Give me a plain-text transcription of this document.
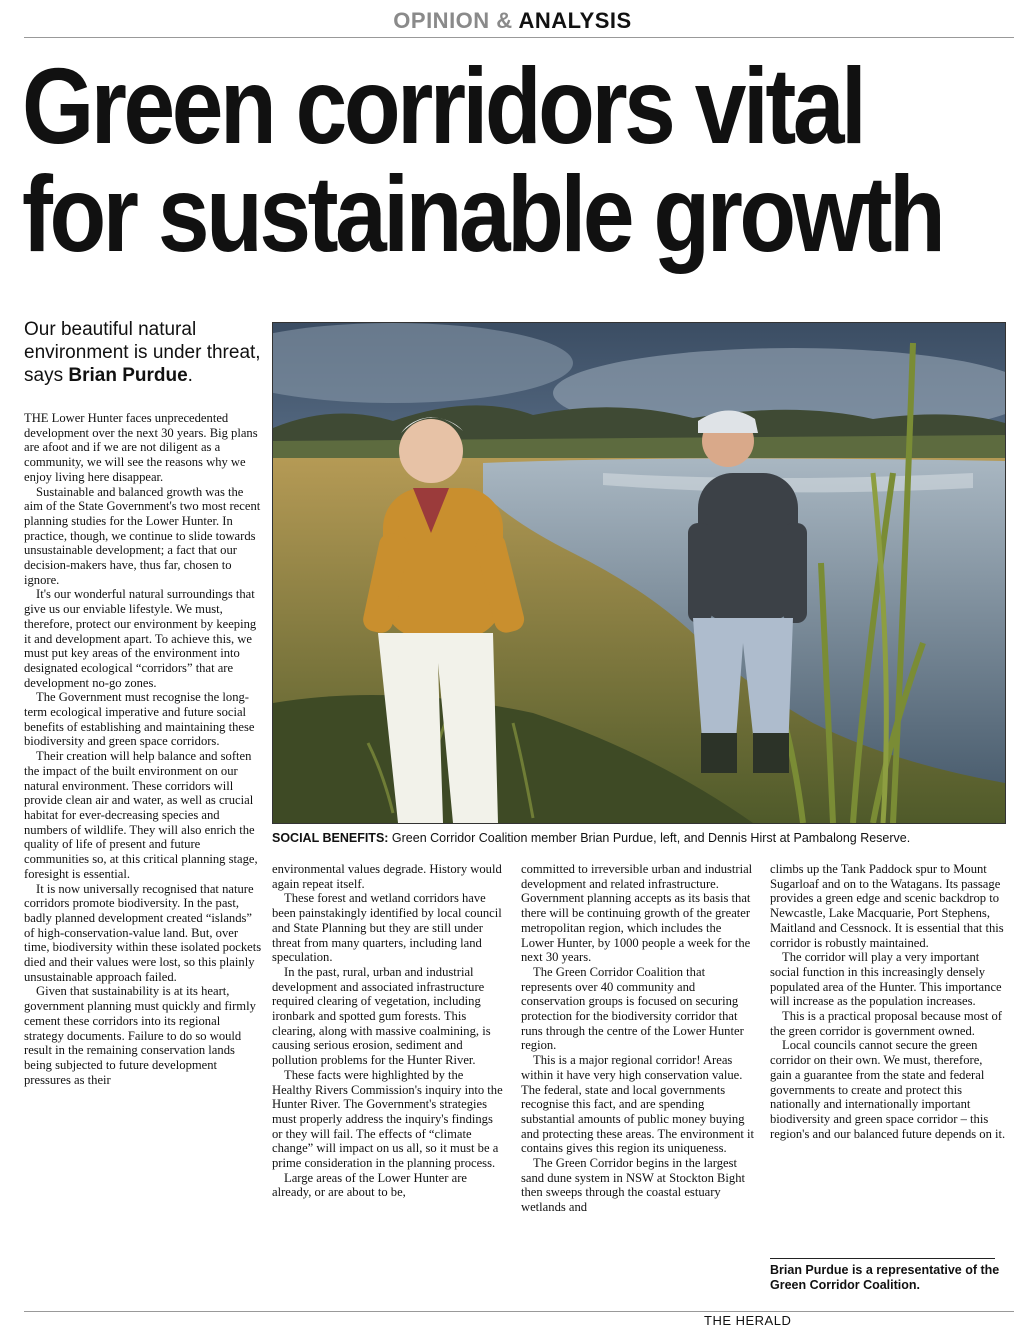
OPINION & ANALYSIS
Green corridors vital
for sustainable growth
Our beautiful natural environment is under threat, says Brian Purdue.
SOCIAL BENEFITS: Green Corridor Coalition member Brian Purdue, left, and Dennis Hirst at Pambalong Reserve.

THE Lower Hunter faces unprecedented development over the next 30 years. Big plans are afoot and if we are not diligent as a community, we will see the reasons why we enjoy living here disappear.

Sustainable and balanced growth was the aim of the State Government's two most recent planning studies for the Lower Hunter. In practice, though, we continue to slide towards unsustainable development; a fact that our decision-makers have, thus far, chosen to ignore.

It's our wonderful natural surroundings that give us our enviable lifestyle. We must, therefore, protect our environment by keeping it and development apart. To achieve this, we must put key areas of the environment into designated ecological “corridors” that are development no-go zones.

The Government must recognise the long-term ecological imperative and future social benefits of establishing and maintaining these biodiversity and green space corridors.

Their creation will help balance and soften the impact of the built environment on our natural environment. These corridors will provide clean air and water, as well as crucial habitat for ever-decreasing species and numbers of wildlife. They will also enrich the quality of life of present and future communities so, at this critical planning stage, foresight is essential.

It is now universally recognised that nature corridors promote biodiversity. In the past, badly planned development created “islands” of high-conservation-value land. But, over time, biodiversity within these isolated pockets died and their values were lost, so this plainly unsustainable approach failed.

Given that sustainability is at its heart, government planning must quickly and firmly cement these corridors into its regional strategy documents. Failure to do so would result in the remaining conservation lands being subjected to future development pressures as their

environmental values degrade. History would again repeat itself.

These forest and wetland corridors have been painstakingly identified by local council and State Planning but they are still under threat from many quarters, including land speculation.

In the past, rural, urban and industrial development and associated infrastructure required clearing of vegetation, including ironbark and spotted gum forests. This clearing, along with massive coalmining, is causing serious erosion, sediment and pollution problems for the Hunter River.

These facts were highlighted by the Healthy Rivers Commission's inquiry into the Hunter River. The Government's strategies must properly address the inquiry's findings or they will fail. The effects of “climate change” will impact on us all, so it must be a prime consideration in the planning process.

Large areas of the Lower Hunter are already, or are about to be,

committed to irreversible urban and industrial development and related infrastructure. Government planning accepts as its basis that there will be continuing growth of the greater metropolitan region, which includes the Lower Hunter, by 1000 people a week for the next 30 years.

The Green Corridor Coalition that represents over 40 community and conservation groups is focused on securing protection for the biodiversity corridor that runs through the centre of the Lower Hunter region.

This is a major regional corridor! Areas within it have very high conservation value. The federal, state and local governments recognise this fact, and are spending substantial amounts of public money buying and protecting these areas. The environment it contains gives this region its uniqueness.

The Green Corridor begins in the largest sand dune system in NSW at Stockton Bight then sweeps through the coastal estuary wetlands and

climbs up the Tank Paddock spur to Mount Sugarloaf and on to the Watagans. Its passage provides a green edge and scenic backdrop to Newcastle, Lake Macquarie, Port Stephens, Maitland and Cessnock. It is essential that this corridor is robustly maintained.

The corridor will play a very important social function in this increasingly densely populated area of the Hunter. This importance will increase as the population increases.

This is a practical proposal because most of the green corridor is government owned.

Local councils cannot secure the green corridor on their own. We must, therefore, gain a guarantee from the state and federal governments to create and protect this nationally and internationally important biodiversity and green space corridor – this region's and our balanced future depends on it.

Brian Purdue is a representative of the Green Corridor Coalition.
THE HERALD
